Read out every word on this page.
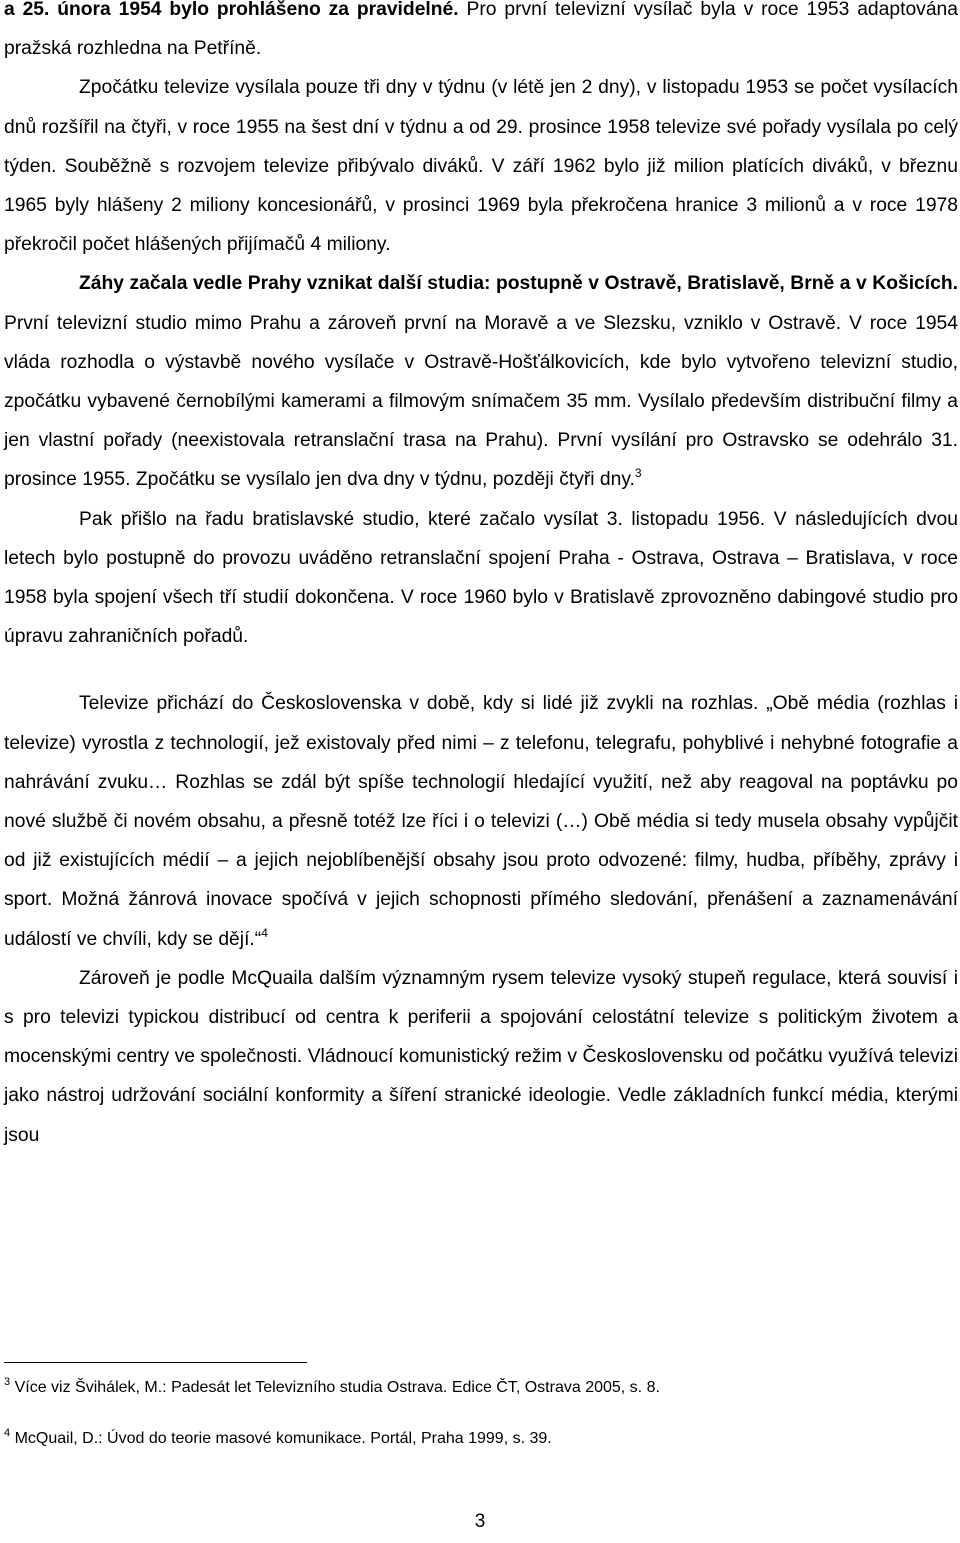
a 25. února 1954 bylo prohlášeno za pravidelné. Pro první televizní vysílač byla v roce 1953 adaptována pražská rozhledna na Petříně.

Zpočátku televize vysílala pouze tři dny v týdnu (v létě jen 2 dny), v listopadu 1953 se počet vysílacích dnů rozšířil na čtyři, v roce 1955 na šest dní v týdnu a od 29. prosince 1958 televize své pořady vysílala po celý týden. Souběžně s rozvojem televize přibývalo diváků. V září 1962 bylo již milion platících diváků, v březnu 1965 byly hlášeny 2 miliony koncesionářů, v prosinci 1969 byla překročena hranice 3 milionů a v roce 1978 překročil počet hlášených přijímačů 4 miliony.

Záhy začala vedle Prahy vznikat další studia: postupně v Ostravě, Bratislavě, Brně a v Košicích. První televizní studio mimo Prahu a zároveň první na Moravě a ve Slezsku, vzniklo v Ostravě. V roce 1954 vláda rozhodla o výstavbě nového vysílače v Ostravě-Hošťálkovicích, kde bylo vytvořeno televizní studio, zpočátku vybavené černobílými kamerami a filmovým snímačem 35 mm. Vysílalo především distribuční filmy a jen vlastní pořady (neexistovala retranslační trasa na Prahu). První vysílání pro Ostravsko se odehrálo 31. prosince 1955. Zpočátku se vysílalo jen dva dny v týdnu, později čtyři dny.$^3$

Pak přišlo na řadu bratislavské studio, které začalo vysílat 3. listopadu 1956. V následujících dvou letech bylo postupně do provozu uváděno retranslační spojení Praha - Ostrava, Ostrava – Bratislava, v roce 1958 byla spojení všech tří studií dokončena. V roce 1960 bylo v Bratislavě zprovozněno dabingové studio pro úpravu zahraničních pořadů.

Televize přichází do Československa v době, kdy si lidé již zvykli na rozhlas. „Obě média (rozhlas i televize) vyrostla z technologií, jež existovaly před nimi – z telefonu, telegrafu, pohyblivé i nehybné fotografie a nahrávání zvuku… Rozhlas se zdál být spíše technologií hledající využití, než aby reagoval na poptávku po nové službě či novém obsahu, a přesně totéž lze říci i o televizi (…) Obě média si tedy musela obsahy vypůjčit od již existujících médií – a jejich nejoblíbenější obsahy jsou proto odvozené: filmy, hudba, příběhy, zprávy i sport. Možná žánrová inovace spočívá v jejich schopnosti přímého sledování, přenášení a zaznamenávání událostí ve chvíli, kdy se dějí.“$^4$

Zároveň je podle McQuaila dalším významným rysem televize vysoký stupeň regulace, která souvisí i s pro televizi typickou distribucí od centra k periferii a spojování celostátní televize s politickým životem a mocenskými centry ve společnosti. Vládnoucí komunistický režim v Československu od počátku využívá televizi jako nástroj udržování sociální konformity a šíření stranické ideologie. Vedle základních funkcí média, kterými jsou

$^3$ Více viz Švihálek, M.: Padesát let Televizního studia Ostrava. Edice ČT, Ostrava 2005, s. 8.

$^4$ McQuail, D.: Úvod do teorie masové komunikace. Portál, Praha 1999, s. 39.

3
